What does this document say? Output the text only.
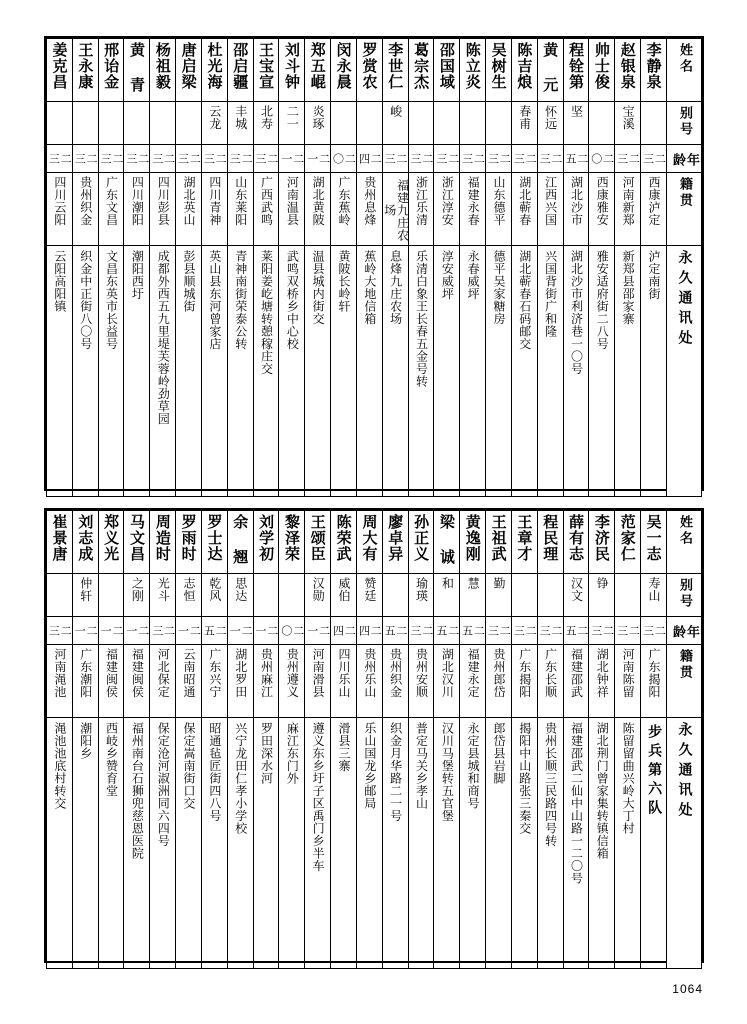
姜克昌	王永康	邢诒金	黄 青	杨祖毅	唐启梁	杜光海	邵启疆	王宝宣	刘斗钟	郑五崐	闵永晨	罗赏农	李世仁	葛宗杰	邵国域	陈立炎	吴树生	陈吉烺	黄 元	程铨第	帅士俊	赵银泉	李静泉	姓名

						云龙	丰城	北寿	二一	炎琢			峻					春甫	怀远	坚		宝溪		别号

二三	二三	二三	二三	二三	二三	二三	二三	二三	二一	二一	二〇	二四	二三	二三	二三	二三	二三	二三	二三	二五	二〇	二三	二三	年龄

四川云阳	贵州织金	广东文昌	四川潮阳	四川彭县	湖北英山	四川青神	山东莱阳	广西武鸣	河南温县	湖北黄陂	广东蕉岭	贵州息烽	福建九庄农场	浙江乐清	浙江淳安	福建永春	山东德平	湖北蕲春	江西兴国	湖北沙市	西康雅安	河南新郑	西康泸定	籍贯

云阳高阳镇	织金中正街八〇号	文昌东英市长益号	潮阳西圩	成都外西五九里堤芙蓉岭劲草园	彭县顺城街	英山县东河曾家店	青神南街荣泰公转	莱阳姜屹塘转憩稼庄交	武鸣双桥乡中心校	温县城内街交	黄陂长岭轩	蕉岭大地信箱	息烽九庄农场	乐清白象王长春五金号转	淳安威坪	永春威坪	德平吴家糖房	湖北蕲春石码邮交	兴国背街广和隆	湖北沙市利济巷一〇号	雅安适府街二八号	新郑县邵家寨	泸定南街	永久通讯处
崔景唐	刘志成	郑义光	马文昌	周造时	罗雨时	罗士达	余 翘	刘学初	黎泽荣	王颂臣	陈荣武	周大有	廖卓异	孙正义	梁 诚	黄逸刚	王祖武	王章才	程民理	薛有志	李济民	范家仁	吴一志	姓名

	仲轩		之刚	光斗	志恒	乾风	思达			汉勋	威伯	赞廷		瑜瑛	和	慧	勤			汉文	铮		寿山	别号

二三	二一	二一	二一	二三	二一	二五	二一	二一	二〇	二一	二四	二四	二五	二三	二五	二五	二三	二三	二三	二五	二三	二三	二三	年龄

河南渑池	广东潮阳	福建闽侯	福建闽侯	河北保定	云南昭通	广东兴宁	湖北罗田	贵州麻江	贵州遵义	河南滑县	四川乐山	贵州乐山	贵州织金	贵州安顺	湖北汉川	福建永定	贵州郎岱	广东揭阳	广东长顺	福建邵武	湖北钟祥	河南陈留	广东揭阳	籍贯

渑池池底村转交	潮阳乡	西岐乡赞育堂	福州南台石狮兜慈恩医院	保定沧河淑洲同六四号	保定嵩南街口交	昭通毡匠街四八号	兴宁龙田仁孝小学校	罗田深水河	麻江东门外	遵义东乡圩子区禹门乡半车	滑县三寨	乐山国龙乡邮局	织金月华路二一号	普定马关乡孝山	汉川马堡转五官堡	永定县城和商号	郎岱县岩脚	揭阳中山路张三秦交	贵州长顺三民路四号转	福建邵武二仙中山路一二〇号	湖北荆门曾家集转镇信箱	陈留留曲兴岭大丁村	步兵第六队	永久通讯处
1064
